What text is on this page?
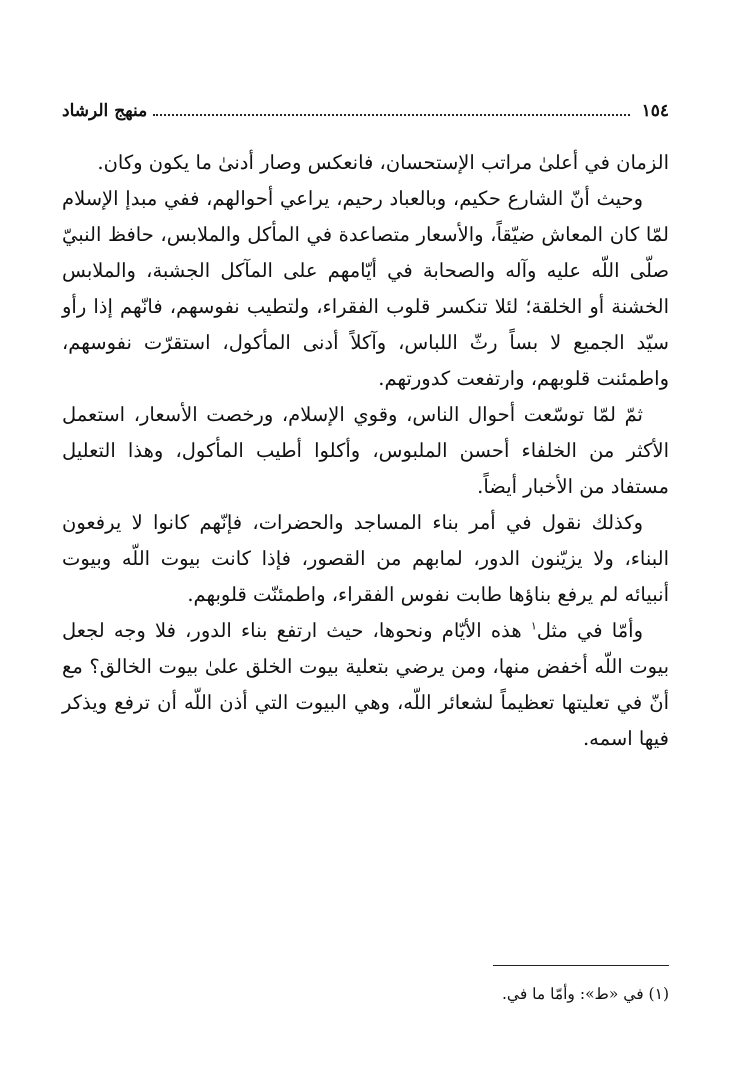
١٥٤
منهج الرشاد

الزمان في أعلىٰ مراتب الإستحسان، فانعكس وصار أدنىٰ ما يكون وكان.

وحيث أنّ الشارع حكيم، وبالعباد رحيم، يراعي أحوالهم، ففي مبدإ الإسلام لمّا كان المعاش ضيّقاً، والأسعار متصاعدة في المأكل والملابس، حافظ النبيّ صلّى اللّه عليه وآله والصحابة في أيّامهم على المآكل الجشبة، والملابس الخشنة أو الخلقة؛ لئلا تنكسر قلوب الفقراء، ولتطيب نفوسهم، فانّهم إذا رأو سيّد الجميع لا بساً رثّ اللباس، وآكلاً أدنى المأكول، استقرّت نفوسهم، واطمئنت قلوبهم، وارتفعت كدورتهم.

ثمّ لمّا توسّعت أحوال الناس، وقوي الإسلام، ورخصت الأسعار، استعمل الأكثر من الخلفاء أحسن الملبوس، وأكلوا أطيب المأكول، وهذا التعليل مستفاد من الأخبار أيضاً.

وكذلك نقول في أمر بناء المساجد والحضرات، فإنّهم كانوا لا يرفعون البناء، ولا يزيّنون الدور، لمابهم من القصور، فإذا كانت بيوت اللّه وبيوت أنبيائه لم يرفع بناؤها طابت نفوس الفقراء، واطمئنّت قلوبهم.

وأمّا في مثل$^١$ هذه الأيّام ونحوها، حيث ارتفع بناء الدور، فلا وجه لجعل بيوت اللّه أخفض منها، ومن يرضي بتعلية بيوت الخلق علىٰ بيوت الخالق؟ مع أنّ في تعليتها تعظيماً لشعائر اللّه، وهي البيوت التي أذن اللّه أن ترفع ويذكر فيها اسمه.

(١) في «ط»: وأمّا ما في.
